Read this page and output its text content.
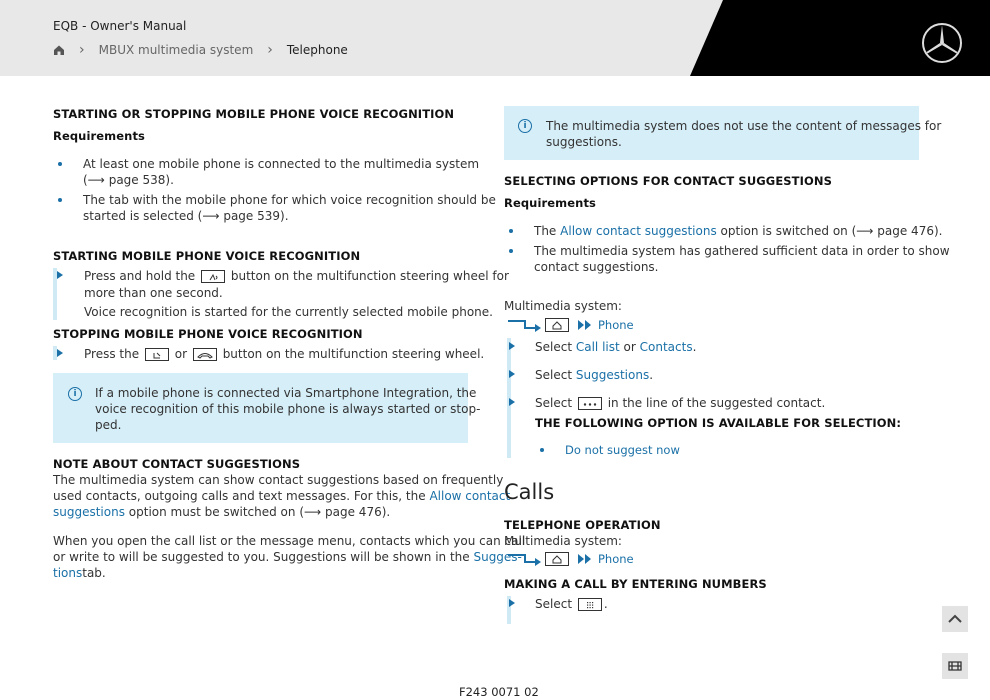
EQB - Owner's Manual
› MBUX multimedia system › Telephone
STARTING OR STOPPING MOBILE PHONE VOICE RECOGNITION
Requirements
At least one mobile phone is connected to the multimedia system
(⟶ page 538).
The tab with the mobile phone for which voice recognition should be
started is selected (⟶ page 539).
STARTING MOBILE PHONE VOICE RECOGNITION
Press and hold the	button on the multifunction steering wheel for
more than one second.
Voice recognition is started for the currently selected mobile phone.
STOPPING MOBILE PHONE VOICE RECOGNITION
Press the	or	button on the multifunction steering wheel.
i	If a mobile phone is connected via Smartphone Integration, the
voice recognition of this mobile phone is always started or stop-
ped.
NOTE ABOUT CONTACT SUGGESTIONS
The multimedia system can show contact suggestions based on frequently
used contacts, outgoing calls and text messages. For this, the Allow contact
suggestions option must be switched on (⟶ page 476).
When you open the call list or the message menu, contacts which you can call
or write to will be suggested to you. Suggestions will be shown in the Sugges-
tionstab.
i	The multimedia system does not use the content of messages for
suggestions.
SELECTING OPTIONS FOR CONTACT SUGGESTIONS
Requirements
The Allow contact suggestions option is switched on (⟶ page 476).
The multimedia system has gathered sufficient data in order to show
contact suggestions.
Multimedia system:
Phone
Select Call list or Contacts.
Select Suggestions.
Select	in the line of the suggested contact.
THE FOLLOWING OPTION IS AVAILABLE FOR SELECTION:
Do not suggest now
Calls
TELEPHONE OPERATION
Multimedia system:
Phone
MAKING A CALL BY ENTERING NUMBERS
Select	.
F243 0071 02
